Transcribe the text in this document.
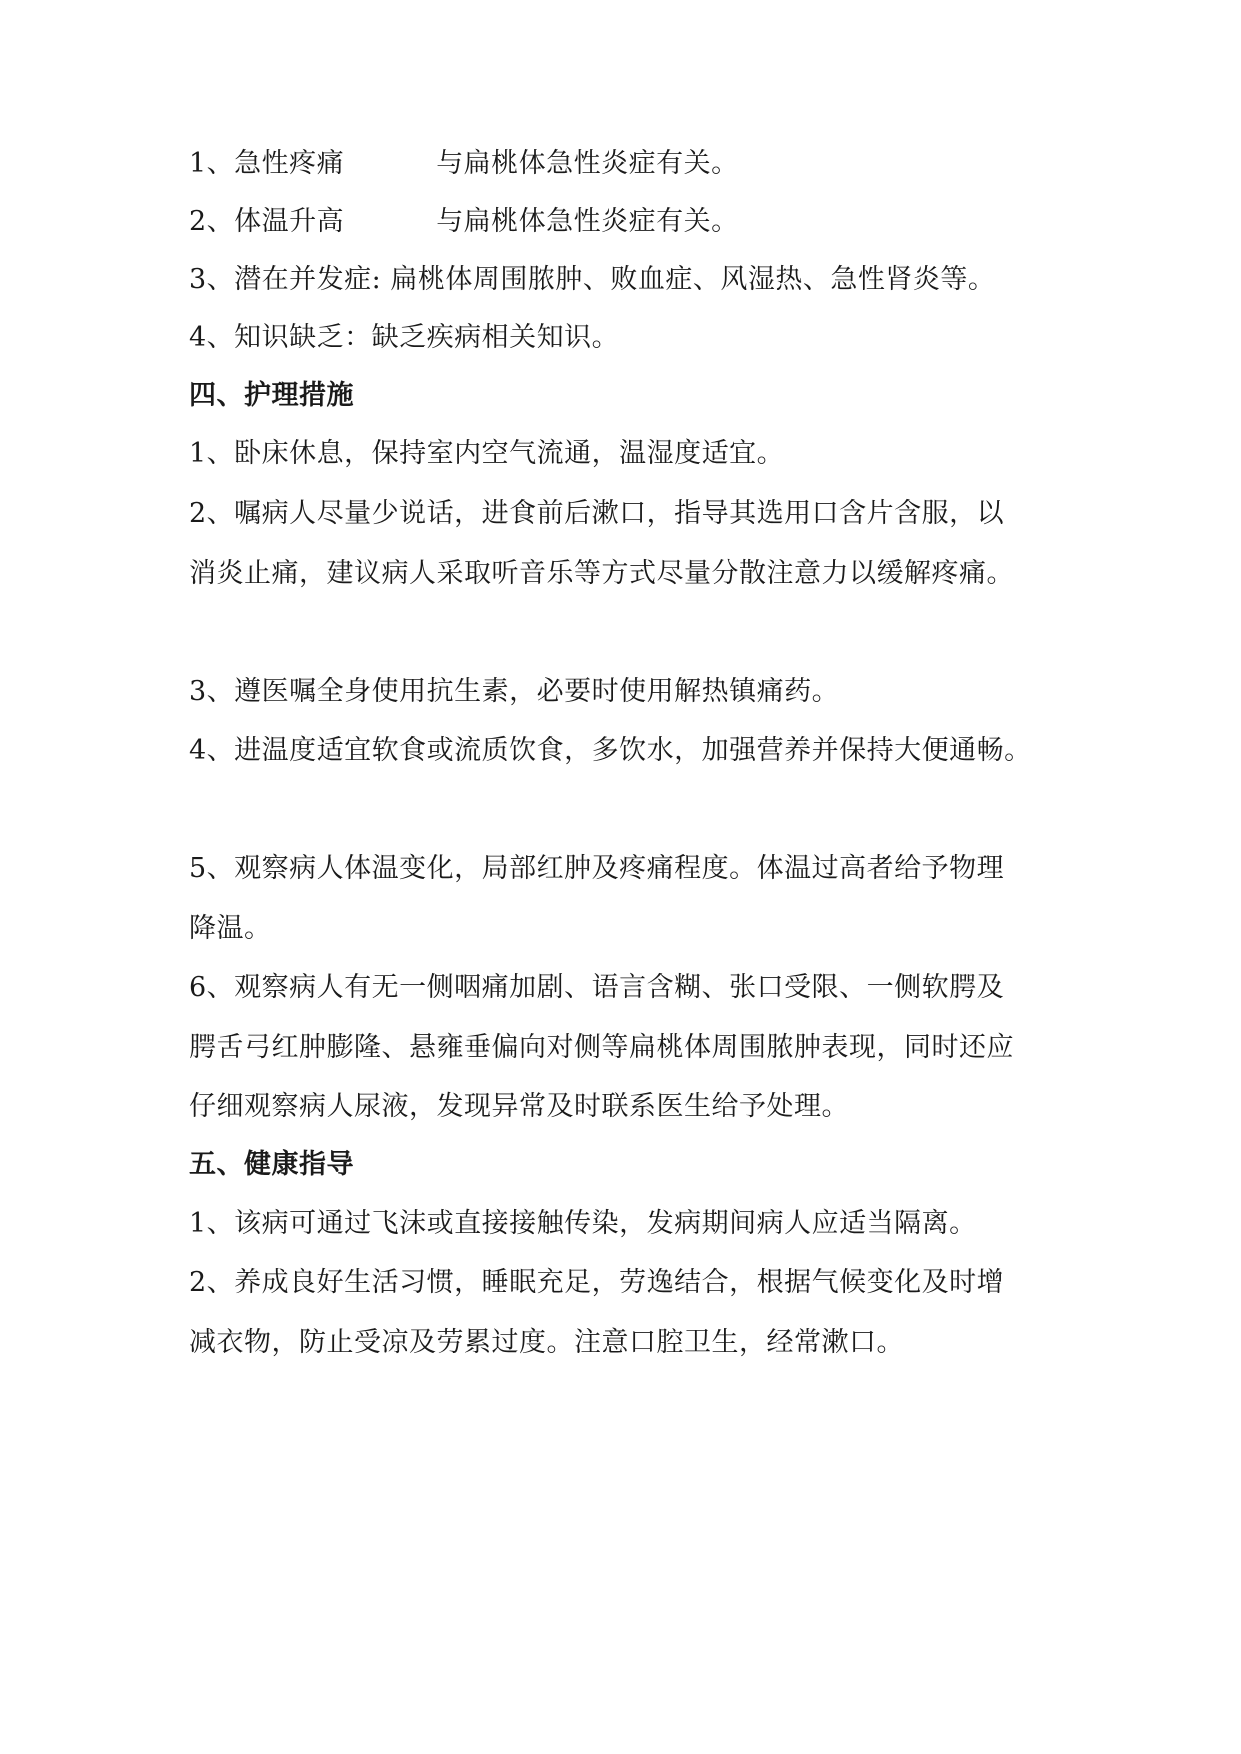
1、急性疼痛	与扁桃体急性炎症有关。
2、体温升高	与扁桃体急性炎症有关。
3、潜在并发症: 扁桃体周围脓肿、败血症、风湿热、急性肾炎等。
4、知识缺乏：缺乏疾病相关知识。
四、护理措施
1、卧床休息，保持室内空气流通，温湿度适宜。
2、嘱病人尽量少说话，进食前后漱口，指导其选用口含片含服，以
消炎止痛，建议病人采取听音乐等方式尽量分散注意力以缓解疼痛。
3、遵医嘱全身使用抗生素，必要时使用解热镇痛药。
4、进温度适宜软食或流质饮食，多饮水，加强营养并保持大便通畅。
5、观察病人体温变化，局部红肿及疼痛程度。体温过高者给予物理
降温。
6、观察病人有无一侧咽痛加剧、语言含糊、张口受限、一侧软腭及
腭舌弓红肿膨隆、悬雍垂偏向对侧等扁桃体周围脓肿表现，同时还应
仔细观察病人尿液，发现异常及时联系医生给予处理。
五、健康指导
1、该病可通过飞沫或直接接触传染，发病期间病人应适当隔离。
2、养成良好生活习惯，睡眠充足，劳逸结合，根据气候变化及时增
减衣物，防止受凉及劳累过度。注意口腔卫生，经常漱口。
